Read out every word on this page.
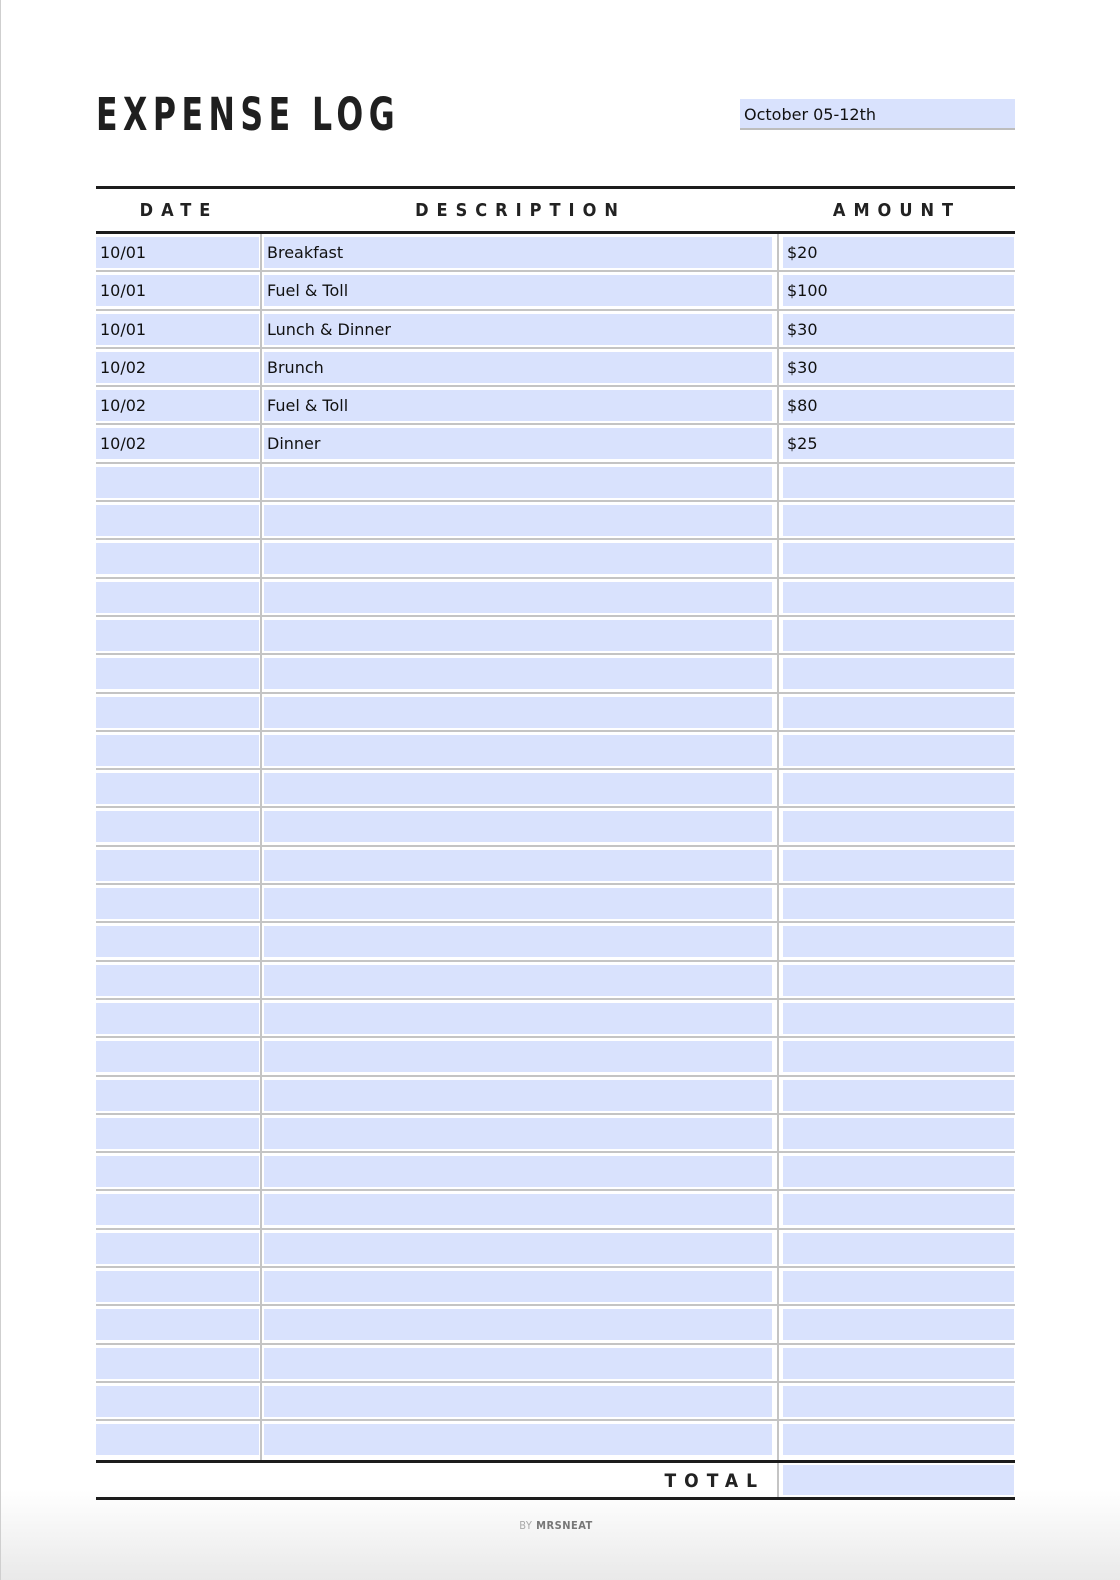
EXPENSE LOG	October 05-12th
DATE	DESCRIPTION	AMOUNT
10/01	Breakfast	$20
10/01	Fuel & Toll	$100
10/01	Lunch & Dinner	$30
10/02	Brunch	$30
10/02	Fuel & Toll	$80
10/02	Dinner	$25
TOTAL
BY MRSNEAT
